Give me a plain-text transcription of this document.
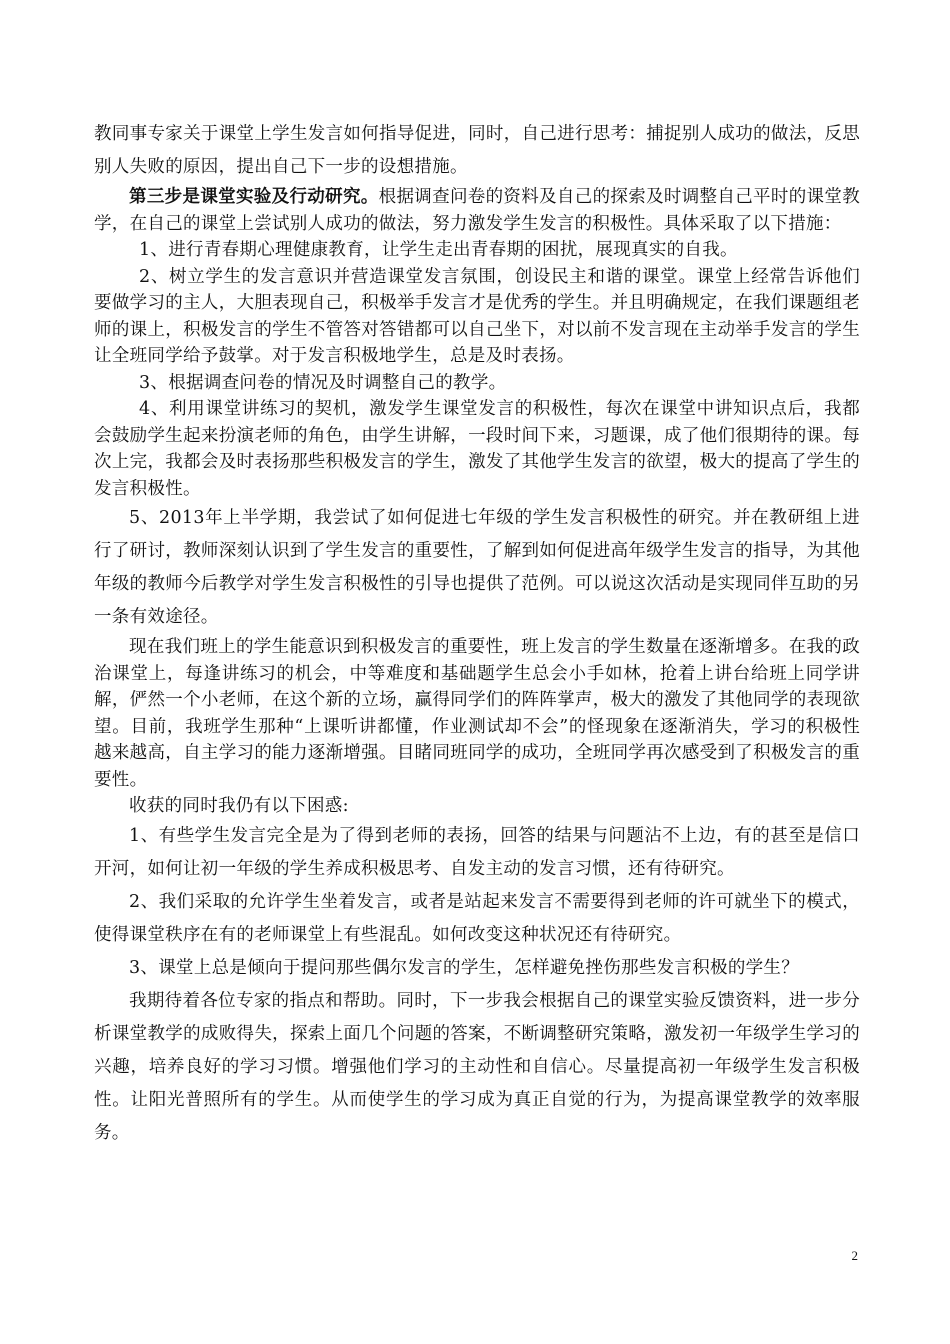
教同事专家关于课堂上学生发言如何指导促进，同时，自己进行思考：捕捉别人成功的做法，反思别人失败的原因，提出自己下一步的设想措施。

第三步是课堂实验及行动研究。根据调查问卷的资料及自己的探索及时调整自己平时的课堂教学，在自己的课堂上尝试别人成功的做法，努力激发学生发言的积极性。具体采取了以下措施：

1、进行青春期心理健康教育，让学生走出青春期的困扰，展现真实的自我。

2、树立学生的发言意识并营造课堂发言氛围，创设民主和谐的课堂。课堂上经常告诉他们要做学习的主人，大胆表现自己，积极举手发言才是优秀的学生。并且明确规定，在我们课题组老师的课上，积极发言的学生不管答对答错都可以自己坐下，对以前不发言现在主动举手发言的学生让全班同学给予鼓掌。对于发言积极地学生，总是及时表扬。

3、根据调查问卷的情况及时调整自己的教学。

4、利用课堂讲练习的契机，激发学生课堂发言的积极性，每次在课堂中讲知识点后，我都会鼓励学生起来扮演老师的角色，由学生讲解，一段时间下来，习题课，成了他们很期待的课。每次上完，我都会及时表扬那些积极发言的学生，激发了其他学生发言的欲望，极大的提高了学生的发言积极性。

5、2013年上半学期，我尝试了如何促进七年级的学生发言积极性的研究。并在教研组上进行了研讨，教师深刻认识到了学生发言的重要性，了解到如何促进高年级学生发言的指导，为其他年级的教师今后教学对学生发言积极性的引导也提供了范例。可以说这次活动是实现同伴互助的另一条有效途径。

现在我们班上的学生能意识到积极发言的重要性，班上发言的学生数量在逐渐增多。在我的政治课堂上，每逢讲练习的机会，中等难度和基础题学生总会小手如林，抢着上讲台给班上同学讲解，俨然一个小老师，在这个新的立场，赢得同学们的阵阵掌声，极大的激发了其他同学的表现欲望。目前，我班学生那种“上课听讲都懂，作业测试却不会”的怪现象在逐渐消失，学习的积极性越来越高，自主学习的能力逐渐增强。目睹同班同学的成功，全班同学再次感受到了积极发言的重要性。

收获的同时我仍有以下困惑:

1、有些学生发言完全是为了得到老师的表扬，回答的结果与问题沾不上边，有的甚至是信口开河，如何让初一年级的学生养成积极思考、自发主动的发言习惯，还有待研究。

2、我们采取的允许学生坐着发言，或者是站起来发言不需要得到老师的许可就坐下的模式，使得课堂秩序在有的老师课堂上有些混乱。如何改变这种状况还有待研究。

3、课堂上总是倾向于提问那些偶尔发言的学生，怎样避免挫伤那些发言积极的学生？

我期待着各位专家的指点和帮助。同时，下一步我会根据自己的课堂实验反馈资料，进一步分析课堂教学的成败得失，探索上面几个问题的答案，不断调整研究策略，激发初一年级学生学习的兴趣，培养良好的学习习惯。增强他们学习的主动性和自信心。尽量提高初一年级学生发言积极性。让阳光普照所有的学生。从而使学生的学习成为真正自觉的行为，为提高课堂教学的效率服务。

2
